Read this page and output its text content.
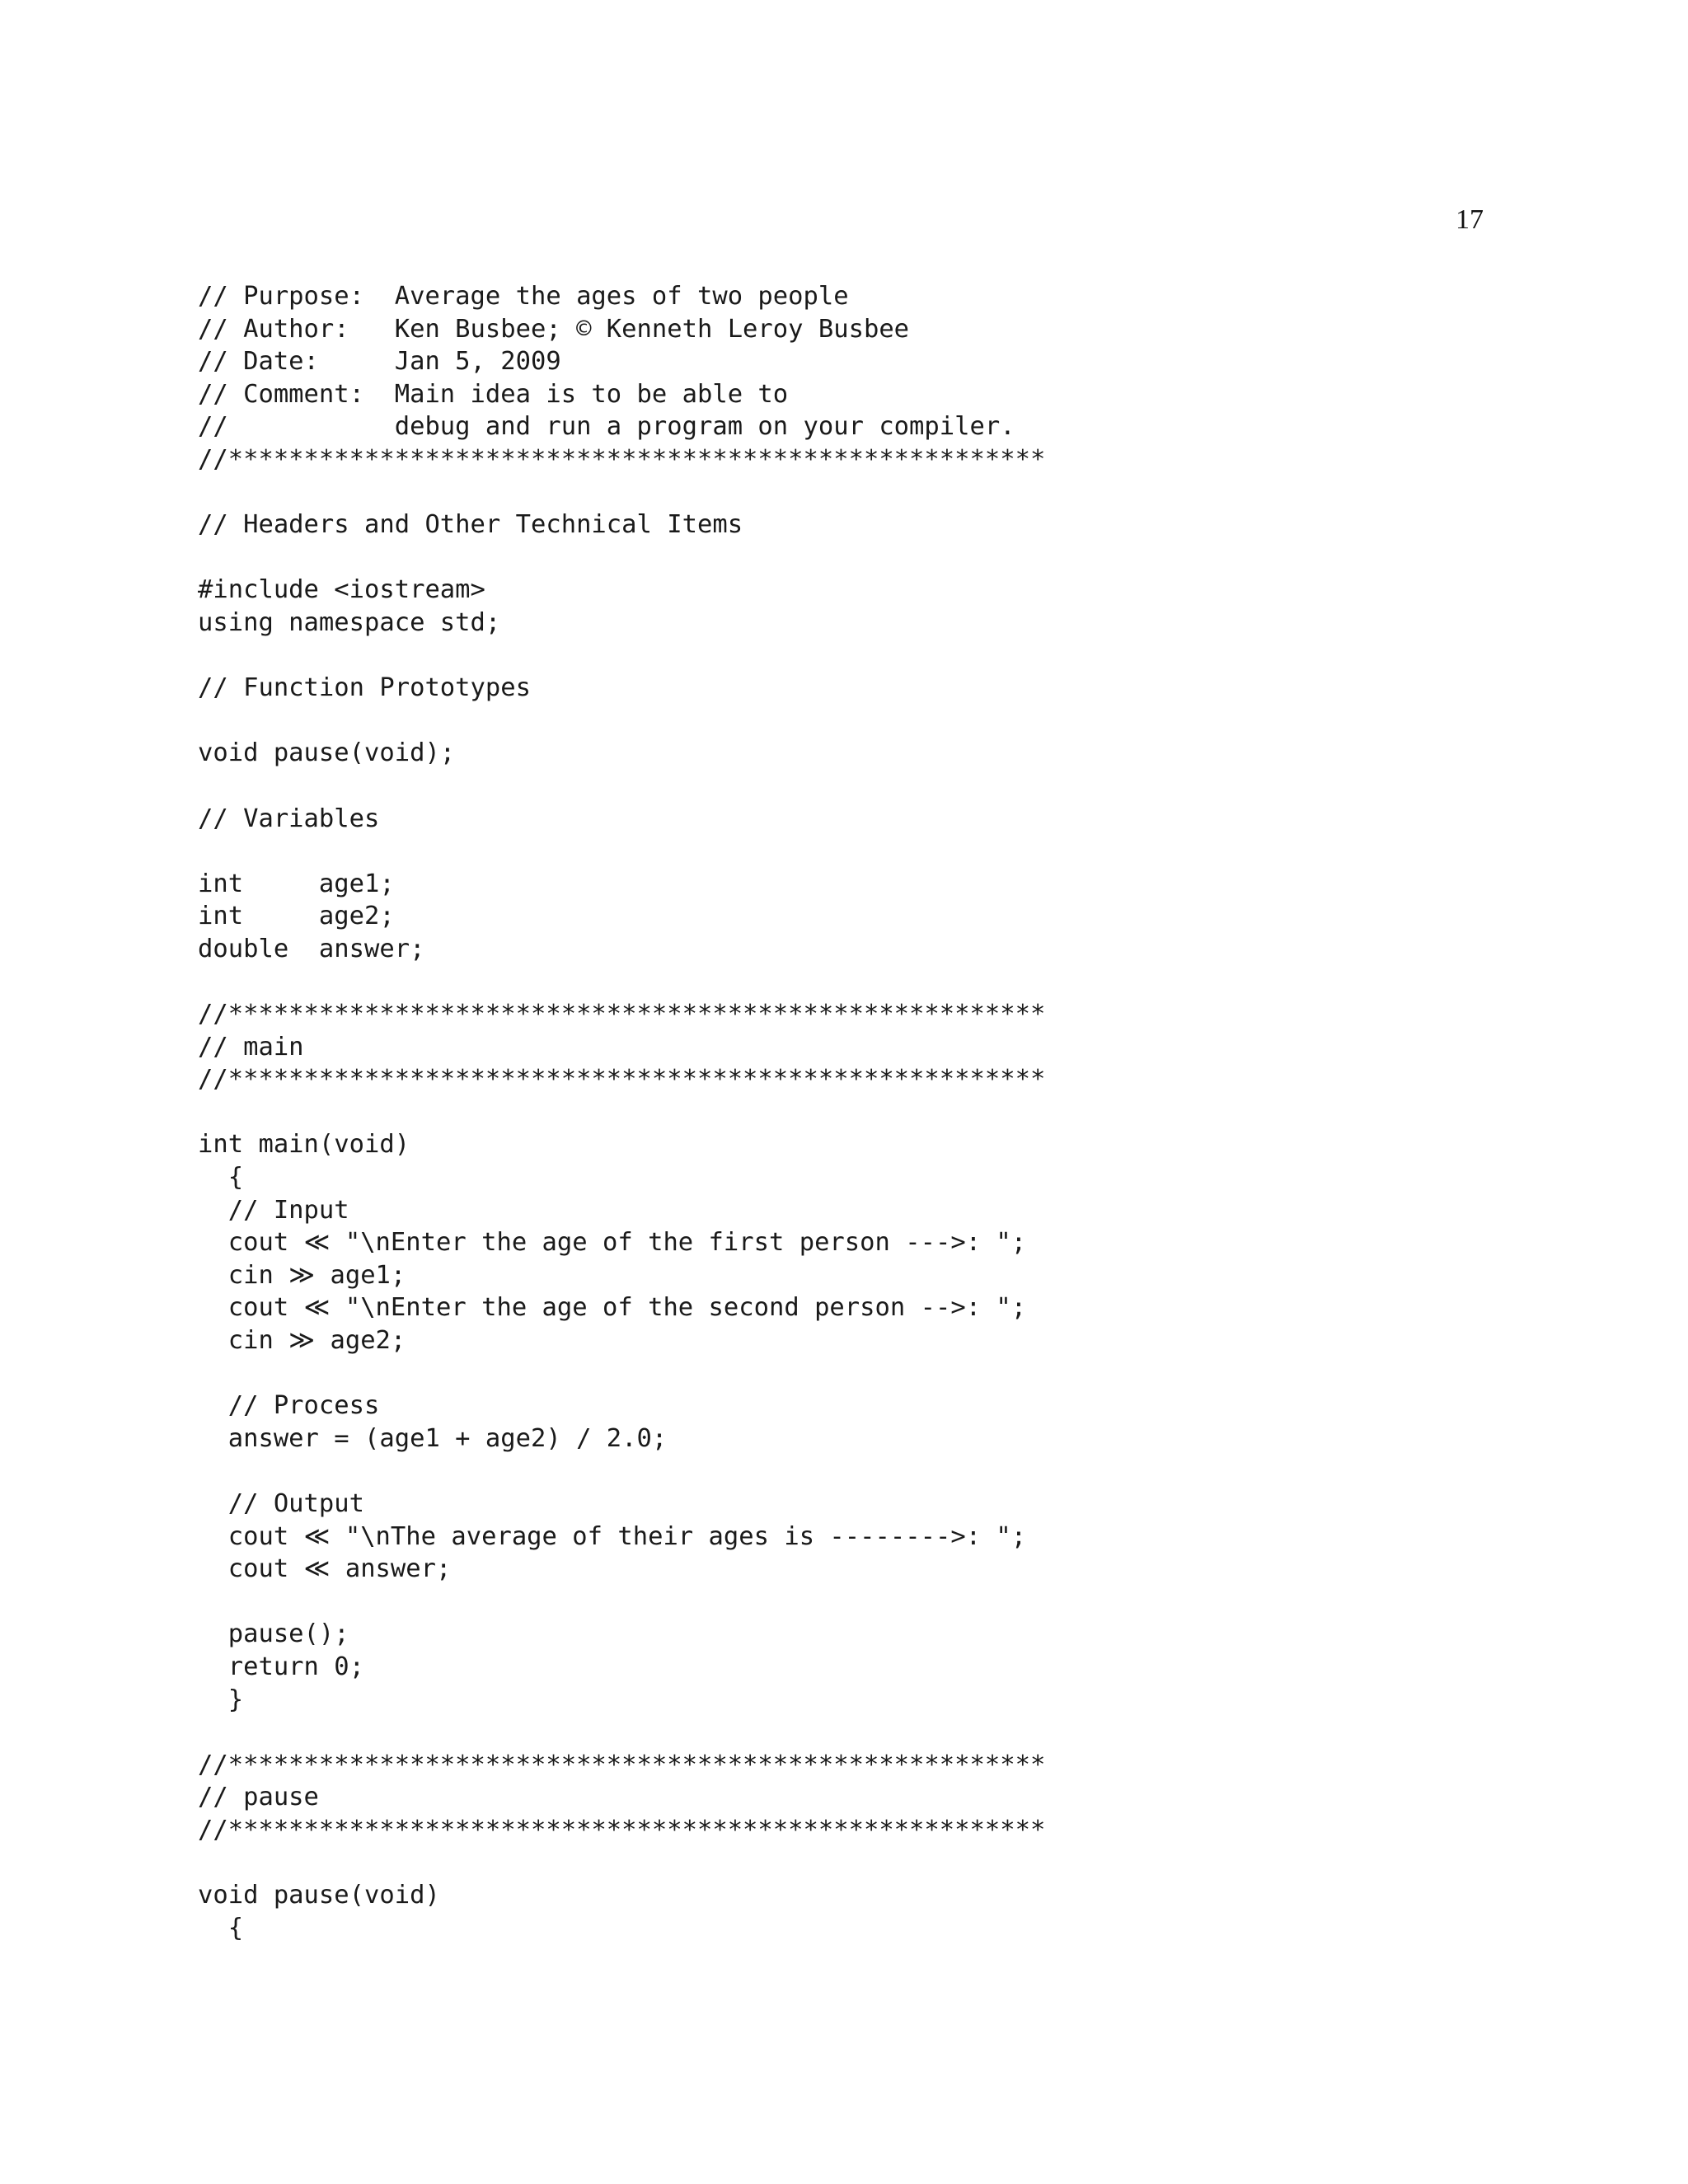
17
// Purpose:  Average the ages of two people
// Author:   Ken Busbee; © Kenneth Leroy Busbee
// Date:     Jan 5, 2009
// Comment:  Main idea is to be able to
//           debug and run a program on your compiler.
//******************************************************
// Headers and Other Technical Items
#include <iostream>
using namespace std;
// Function Prototypes
void pause(void);
// Variables
int     age1;
int     age2;
double  answer;
//******************************************************
// main
//******************************************************
int main(void)
{
// Input
cout ≪ "\nEnter the age of the first person --->: ";
cin ≫ age1;
cout ≪ "\nEnter the age of the second person -->: ";
cin ≫ age2;
// Process
answer = (age1 + age2) / 2.0;
// Output
cout ≪ "\nThe average of their ages is -------->: ";
cout ≪ answer;
pause();
return 0;
}
//******************************************************
// pause
//******************************************************
void pause(void)
{
